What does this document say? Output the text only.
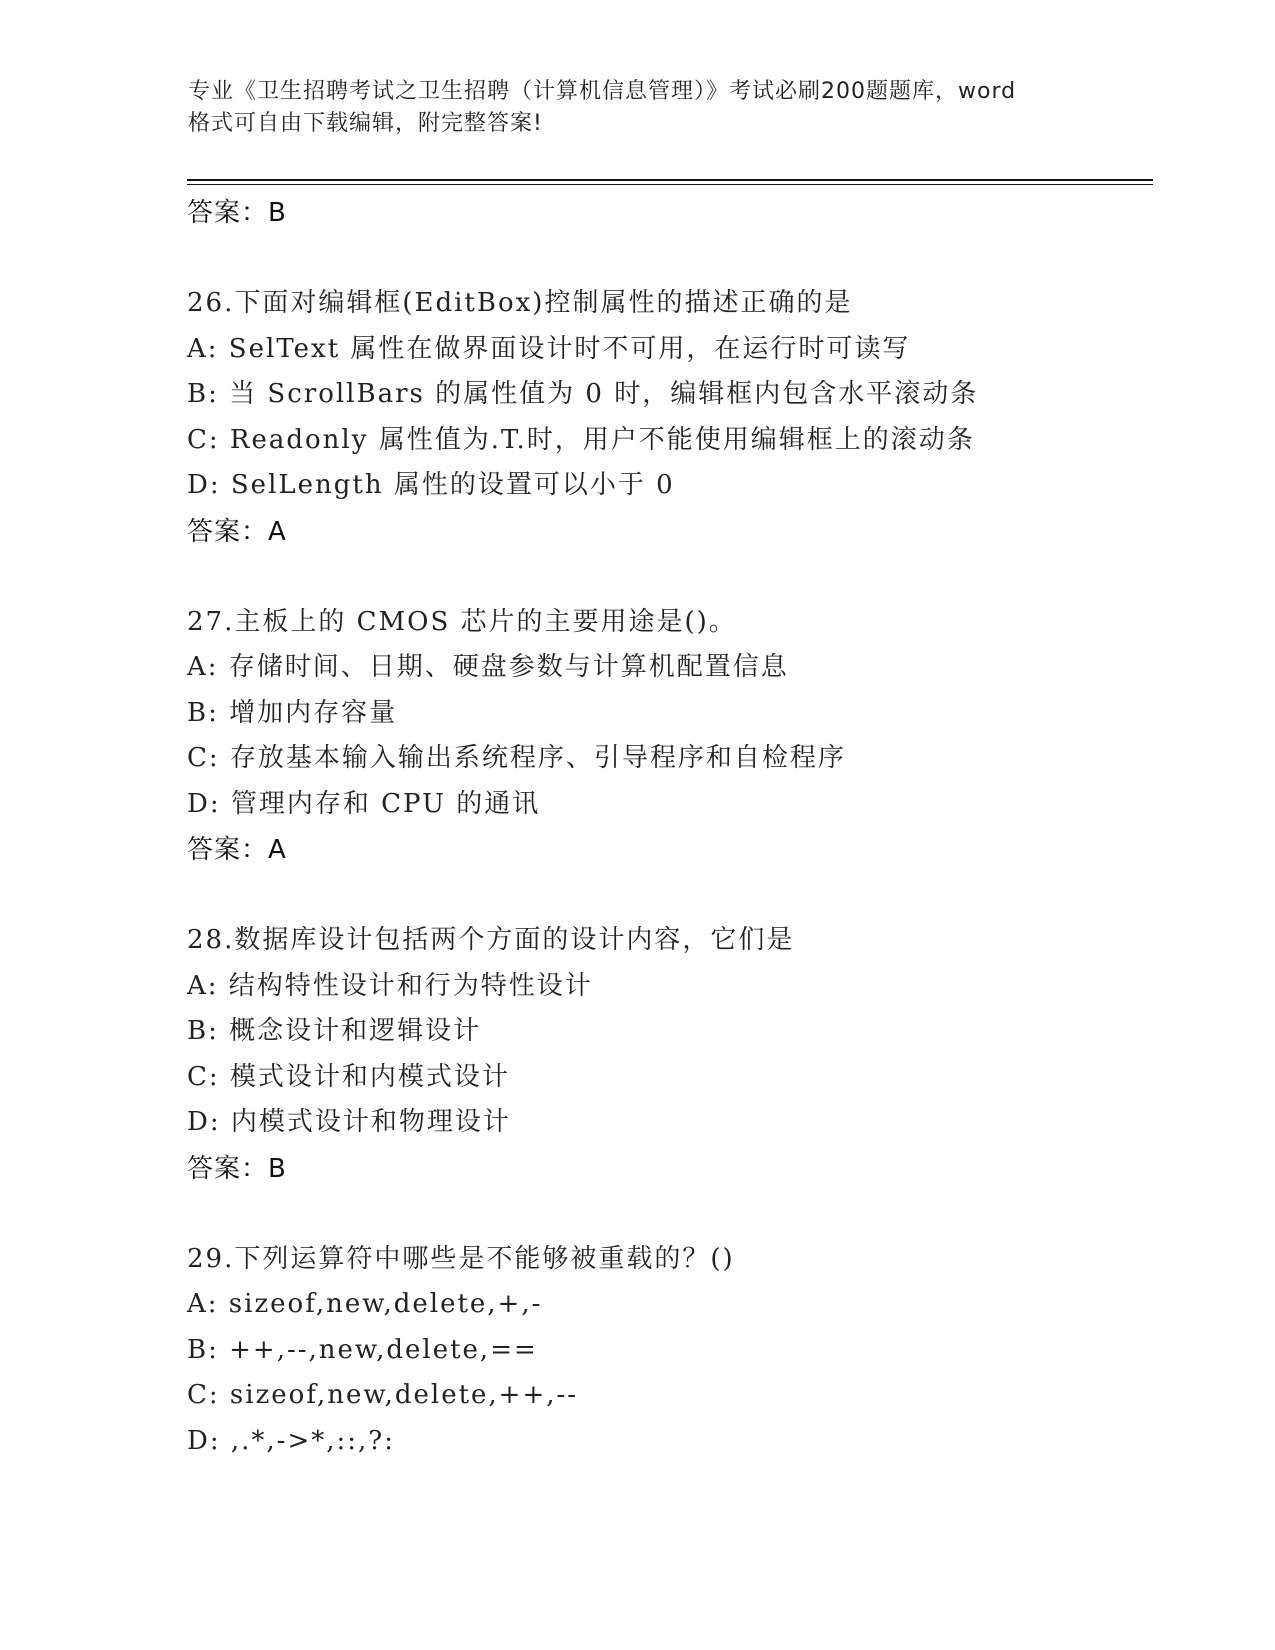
专业《卫生招聘考试之卫生招聘（计算机信息管理）》考试必刷200题题库，word
格式可自由下载编辑，附完整答案!
答案：B
26.下面对编辑框(EditBox)控制属性的描述正确的是
A: SelText 属性在做界面设计时不可用，在运行时可读写
B: 当 ScrollBars 的属性值为 0 时，编辑框内包含水平滚动条
C: Readonly 属性值为.T.时，用户不能使用编辑框上的滚动条
D: SelLength 属性的设置可以小于 0
答案：A
27.主板上的 CMOS 芯片的主要用途是()。
A: 存储时间、日期、硬盘参数与计算机配置信息
B: 增加内存容量
C: 存放基本输入输出系统程序、引导程序和自检程序
D: 管理内存和 CPU 的通讯
答案：A
28.数据库设计包括两个方面的设计内容，它们是
A: 结构特性设计和行为特性设计
B: 概念设计和逻辑设计
C: 模式设计和内模式设计
D: 内模式设计和物理设计
答案：B
29.下列运算符中哪些是不能够被重载的？()
A: sizeof,new,delete,+,-
B: ++,--,new,delete,==
C: sizeof,new,delete,++,--
D: ,.*,->*,::,?:
